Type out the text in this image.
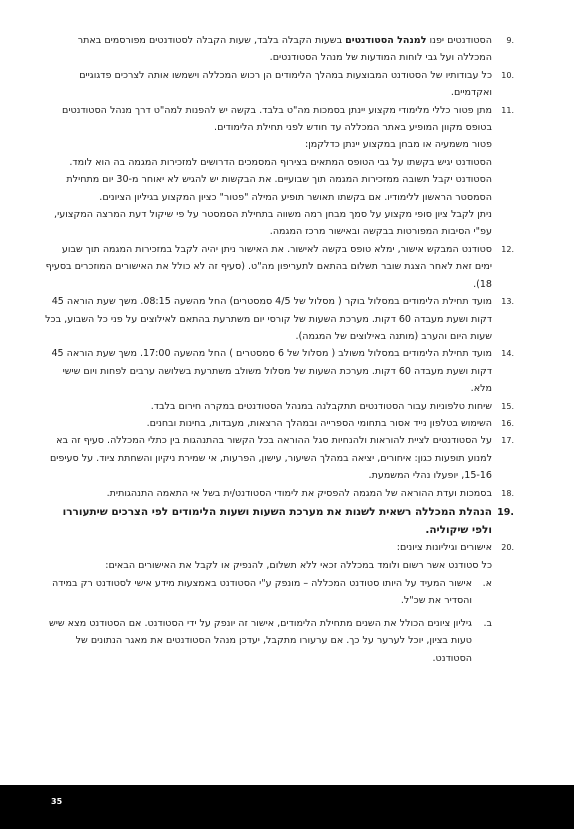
9.
הסטודנטים יפנו למנהל הסטודנטים בשעות הקבלה בלבד, שעות הקבלה לסטודנטים מפורסמים באתר המכללה ועל גבי לוחות המודעות של מנהל הסטודנטים.
10.
כל עבודותיו של הסטודנט המבוצעות במהלך הלימודים הן רכוש המכללה וישמשו אותה לצרכים פדגוגיים ואקדמיים.
11.
מתן פטור כללי מלימודי מקצוע יינתן בסמכות מה"ט בלבד. בקשה יש להפנות למה"ט דרך מנהל הסטודנטים בטופס מקוון המופיע באתר המכללה עד חודש לפני תחילת הלימודים.
פטור משמעיה או מבחן במקצוע יינתן כדלקמן:
הסטודנט יגיש בקשתו על גבי הטופס המתאים בצירוף המסמכים הדרושים למזכירות המגמה בה הוא לומד. הסטודנט יקבל תשובה ממזכירות המגמה תוך שבועיים. את הבקשות יש להגיש לא יאוחר מ-30 יום מתחילת הסמסטר הראשון ללימודיו. אם בקשתו תאושר תופיע המילה "פטור" כציון המקצוע בגיליון הציונים.
ניתן לקבל ציון סופי מקצוע על סמך מבחן רמה משווה בתחילת הסמסטר על פי שיקול דעת המרצה המקצועי, עפ"י הסיבות המפורטות בבקשה ובאישור מרכז המגמה.
12.
סטודנט המבקש אישור, ימלא טופס בקשה לאישור. את האישור ניתן יהיה לקבל במזכירות המגמה תוך שבוע ימים זאת לאחר הצגת שובר תשלום בהתאם לתעריפון מה"ט. (סעיף זה לא כולל את האישורים המוזכרים בסעיף 18).
13.
מועד תחילת הלימודים במסלול בוקר ( מסלול של 4/5 סמסטרים) החל מהשעה 08:15. משך שעת הוראה 45 דקות ושעת מעבדה 60 דקות. מערכת השעות של קורסי יום משתרעת בהתאם לאילוצים על פני כל השבוע, בכל שעות היום והערב (מותנה באילוצים של המגמה).
14.
מועד תחילת הלימודים במסלול משולב ( מסלול של 6 סמסטרים ) החל מהשעה 17:00. משך שעת הוראה 45 דקות ושעת מעבדה 60 דקות. מערכת השעות של מסלול משולב משתרעת בשלושה ערבים לפחות ויום שישי מלא.
15.
שיחות טלפוניות עבור הסטודנטים תתקבלנה במנהל הסטודנטים במקרה חירום בלבד.
16.
השימוש בטלפון נייד אסור בתחומי הספרייה ובמהלך הרצאות, מעבדות, בחינות ובחנים.
17.
על הסטודנטים לציית להוראות ולהנחיות סגל ההוראה בכל הקשור בהתנהגות בין כתלי המכללה. סעיף זה בא למנוע תופעות כגון: איחורים, יציאה במהלך השיעור, עישון, הפרעות, אי שמירת ניקיון והשחתת ציוד. על סעיפים 15-16, יופעלו נהלי המשמעת.
18.
בסמכות ועדת ההוראה של המגמה להפסיק את לימודי הסטודנט/ית בשל אי התאמה התנהגותית.
19.
הנהלת המכללה רשאית לשנות את מערכת השעות ושעות הלימודים לפי הצרכים שיתעוררו ולפי שיקוליה.
20.
אישורים וגיליונות ציונים:
כל סטודנט אשר רשום ולומד במכללה זכאי ללא תשלום, להנפיק או לקבל את האישורים הבאים:
א.
אישור המעיד על היותו סטודנט המכללה – מונפק ע"י הסטודנט באמצעות מידע אישי לסטודנט רק במידה והסדיר את שכ"ל.
ב.
גיליון ציונים הכולל את השנים מתחילת הלימודים, אישור זה יונפק על ידי הסטודנט. אם הסטודנט מצא שיש טעות בציון, יוכל לערער על כך. אם ערעורו מתקבל, יעדכן מנהל הסטודנטים את מאגר הנתונים של הסטודנט.
35
